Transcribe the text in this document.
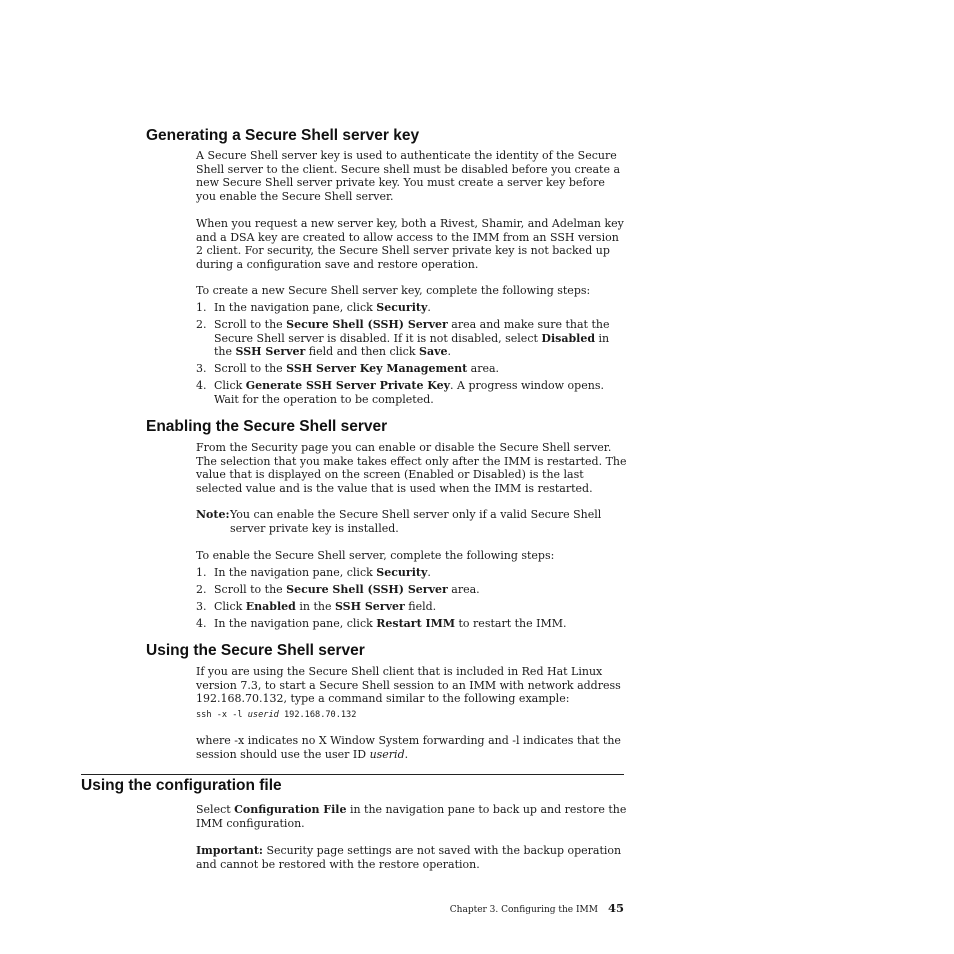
Generating a Secure Shell server key

A Secure Shell server key is used to authenticate the identity of the Secure Shell server to the client. Secure shell must be disabled before you create a new Secure Shell server private key. You must create a server key before you enable the Secure Shell server.

When you request a new server key, both a Rivest, Shamir, and Adelman key and a DSA key are created to allow access to the IMM from an SSH version 2 client. For security, the Secure Shell server private key is not backed up during a configuration save and restore operation.

To create a new Secure Shell server key, complete the following steps:

1. In the navigation pane, click Security.

2. Scroll to the Secure Shell (SSH) Server area and make sure that the Secure Shell server is disabled. If it is not disabled, select Disabled in the SSH Server field and then click Save.

3. Scroll to the SSH Server Key Management area.

4. Click Generate SSH Server Private Key. A progress window opens. Wait for the operation to be completed.

Enabling the Secure Shell server

From the Security page you can enable or disable the Secure Shell server. The selection that you make takes effect only after the IMM is restarted. The value that is displayed on the screen (Enabled or Disabled) is the last selected value and is the value that is used when the IMM is restarted.

Note: You can enable the Secure Shell server only if a valid Secure Shell server private key is installed.

To enable the Secure Shell server, complete the following steps:

1. In the navigation pane, click Security.

2. Scroll to the Secure Shell (SSH) Server area.

3. Click Enabled in the SSH Server field.

4. In the navigation pane, click Restart IMM to restart the IMM.

Using the Secure Shell server

If you are using the Secure Shell client that is included in Red Hat Linux version 7.3, to start a Secure Shell session to an IMM with network address 192.168.70.132, type a command similar to the following example:

ssh -x -l userid 192.168.70.132

where -x indicates no X Window System forwarding and -l indicates that the session should use the user ID userid.

Using the configuration file

Select Configuration File in the navigation pane to back up and restore the IMM configuration.

Important: Security page settings are not saved with the backup operation and cannot be restored with the restore operation.

Chapter 3. Configuring the IMM 45
